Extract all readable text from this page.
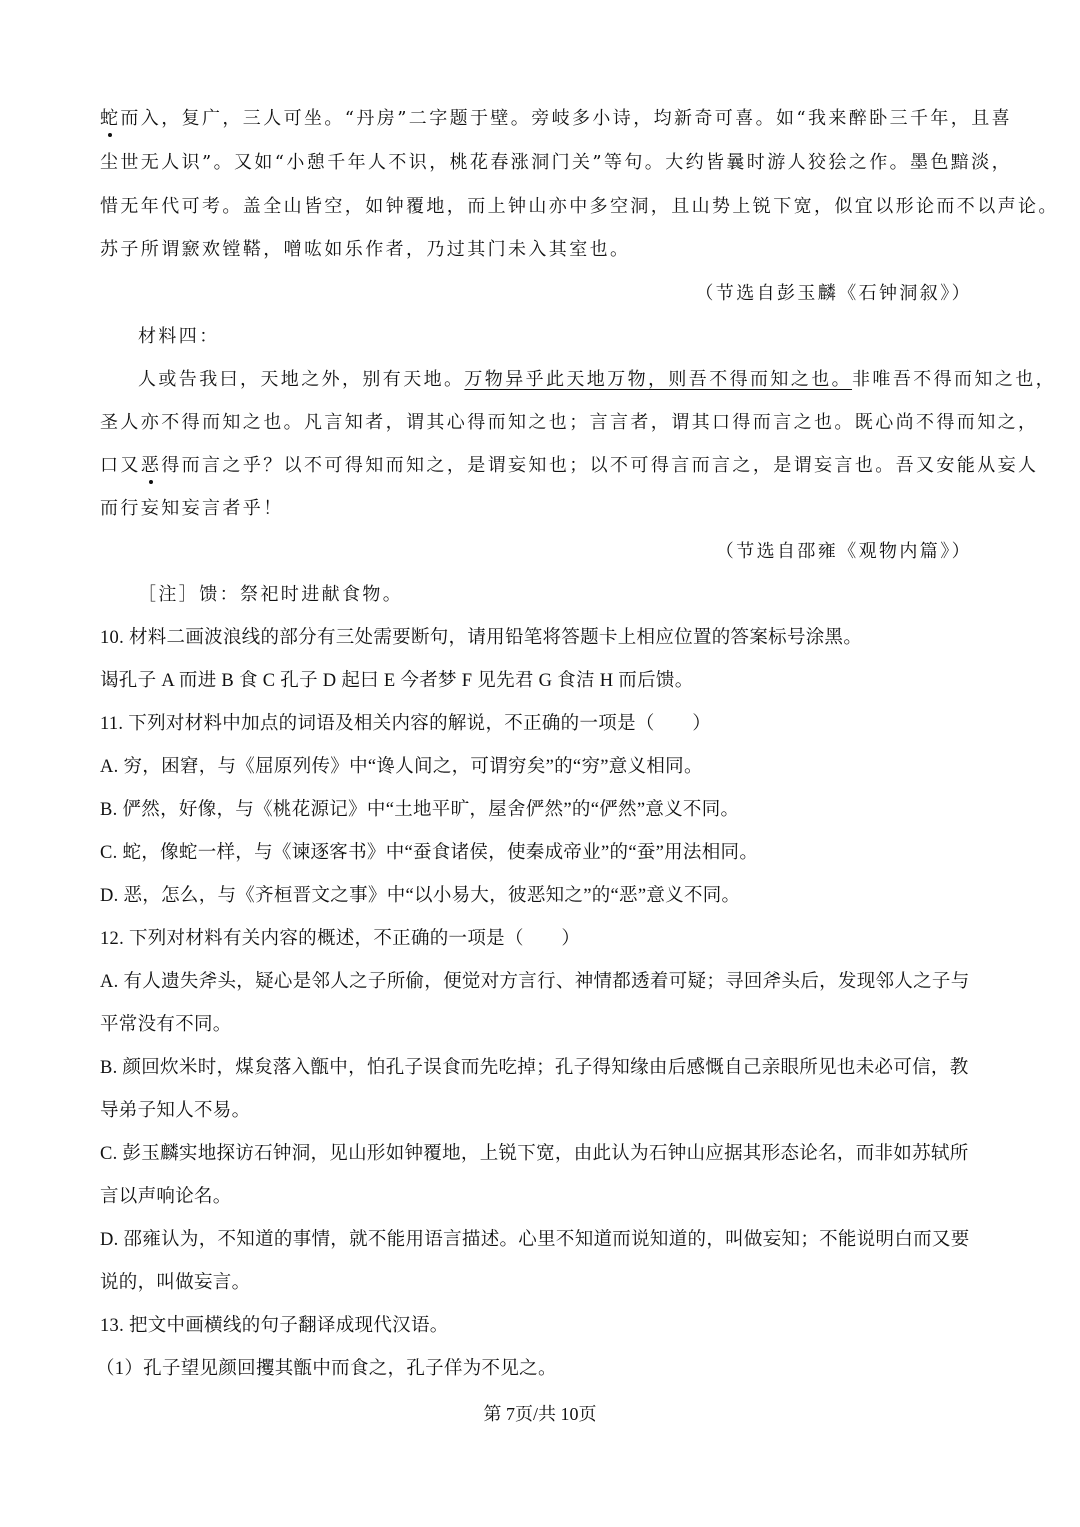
蛇而入，复广，三人可坐。“丹房”二字题于壁。旁岐多小诗，均新奇可喜。如“我来醉卧三千年，且喜
尘世无人识”。又如“小憩千年人不识，桃花春涨洞门关”等句。大约皆曩时游人狡狯之作。墨色黯淡，
惜无年代可考。盖全山皆空，如钟覆地，而上钟山亦中多空洞，且山势上锐下宽，似宜以形论而不以声论。
苏子所谓窾欢镗鞳，噌吰如乐作者，乃过其门未入其室也。
（节选自彭玉麟《石钟洞叙》）
材料四：
人或告我曰，天地之外，别有天地。万物异乎此天地万物，则吾不得而知之也。非唯吾不得而知之也，
圣人亦不得而知之也。凡言知者，谓其心得而知之也；言言者，谓其口得而言之也。既心尚不得而知之，
口又恶得而言之乎？以不可得知而知之，是谓妄知也；以不可得言而言之，是谓妄言也。吾又安能从妄人
而行妄知妄言者乎！
（节选自邵雍《观物内篇》）
［注］馈：祭祀时进献食物。
10. 材料二画波浪线的部分有三处需要断句，请用铅笔将答题卡上相应位置的答案标号涂黑。
谒孔子 A 而进 B 食 C 孔子 D 起曰 E 今者梦 F 见先君 G 食洁 H 而后馈。
11. 下列对材料中加点的词语及相关内容的解说，不正确的一项是（　　）
A. 穷，困窘，与《屈原列传》中“谗人间之，可谓穷矣”的“穷”意义相同。
B. 俨然，好像，与《桃花源记》中“土地平旷，屋舍俨然”的“俨然”意义不同。
C. 蛇，像蛇一样，与《谏逐客书》中“蚕食诸侯，使秦成帝业”的“蚕”用法相同。
D. 恶，怎么，与《齐桓晋文之事》中“以小易大，彼恶知之”的“恶”意义不同。
12. 下列对材料有关内容的概述，不正确的一项是（　　）
A. 有人遗失斧头，疑心是邻人之子所偷，便觉对方言行、神情都透着可疑；寻回斧头后，发现邻人之子与
平常没有不同。
B. 颜回炊米时，煤炱落入甑中，怕孔子误食而先吃掉；孔子得知缘由后感慨自己亲眼所见也未必可信，教
导弟子知人不易。
C. 彭玉麟实地探访石钟洞，见山形如钟覆地，上锐下宽，由此认为石钟山应据其形态论名，而非如苏轼所
言以声响论名。
D. 邵雍认为，不知道的事情，就不能用语言描述。心里不知道而说知道的，叫做妄知；不能说明白而又要
说的，叫做妄言。
13. 把文中画横线的句子翻译成现代汉语。
（1）孔子望见颜回攫其甑中而食之，孔子佯为不见之。
第 7页/共 10页
